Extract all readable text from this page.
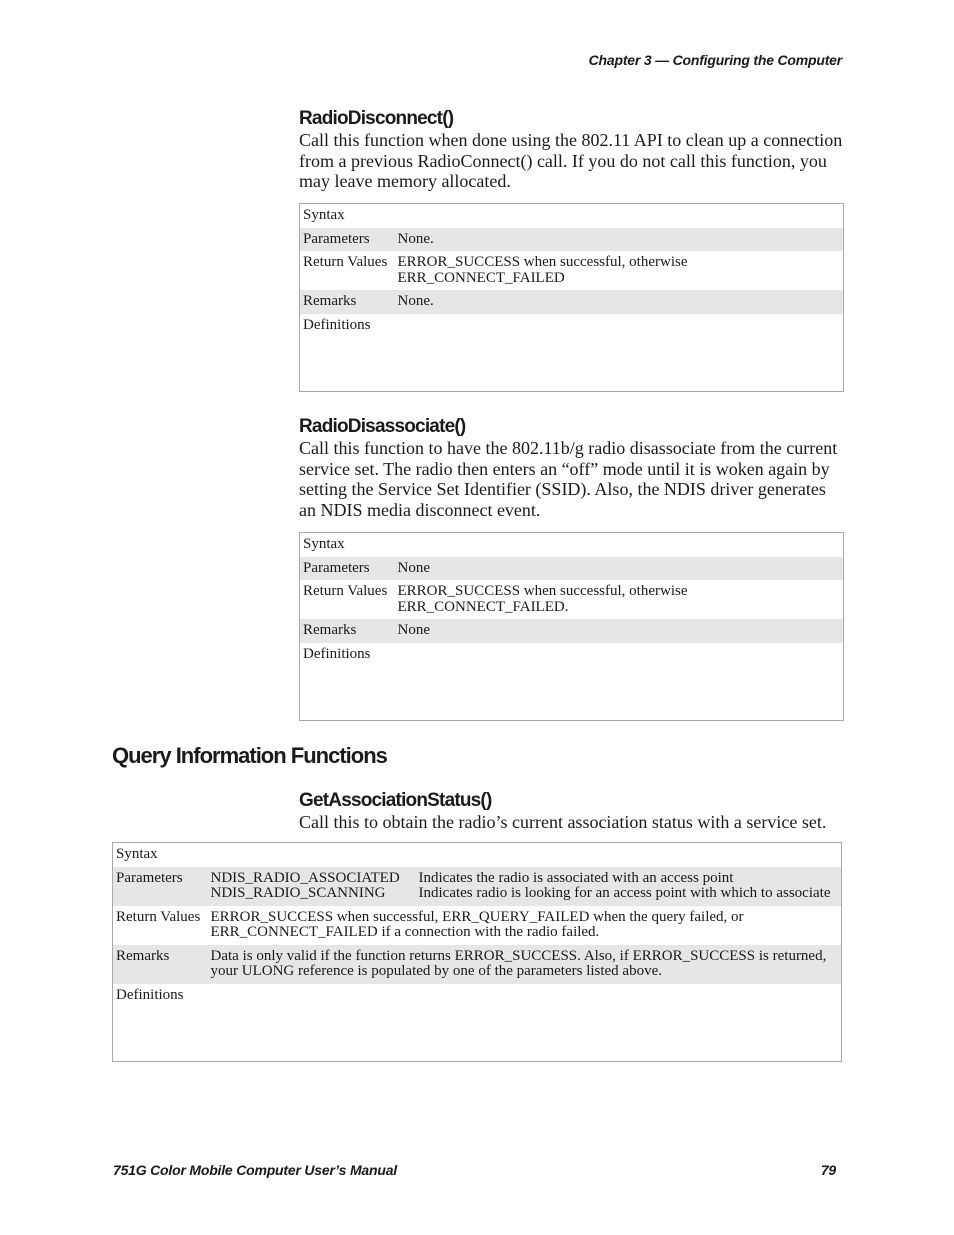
Chapter 3 — Configuring the Computer
RadioDisconnect()

Call this function when done using the 802.11 API to clean up a connection from a previous RadioConnect() call. If you do not call this function, you may leave memory allocated.

Syntax	
Parameters	None.
Return Values	ERROR_SUCCESS when successful, otherwise
ERR_CONNECT_FAILED

Remarks	None.
Definitions	
RadioDisassociate()

Call this function to have the 802.11b/g radio disassociate from the current service set. The radio then enters an “off” mode until it is woken again by setting the Service Set Identifier (SSID). Also, the NDIS driver generates an NDIS media disconnect event.

Syntax	
Parameters	None
Return Values	ERROR_SUCCESS when successful, otherwise
ERR_CONNECT_FAILED.

Remarks	None
Definitions	
Query Information Functions
GetAssociationStatus()

Call this to obtain the radio’s current association status with a service set.

Syntax	
Parameters	NDIS_RADIO_ASSOCIATED Indicates the radio is associated with an access point
NDIS_RADIO_SCANNING Indicates radio is looking for an access point with which to associate

Return Values	ERROR_SUCCESS when successful, ERR_QUERY_FAILED when the query failed, or
ERR_CONNECT_FAILED if a connection with the radio failed.

Remarks	Data is only valid if the function returns ERROR_SUCCESS. Also, if ERROR_SUCCESS is returned,
your ULONG reference is populated by one of the parameters listed above.

Definitions	
751G Color Mobile Computer User’s Manual	79
